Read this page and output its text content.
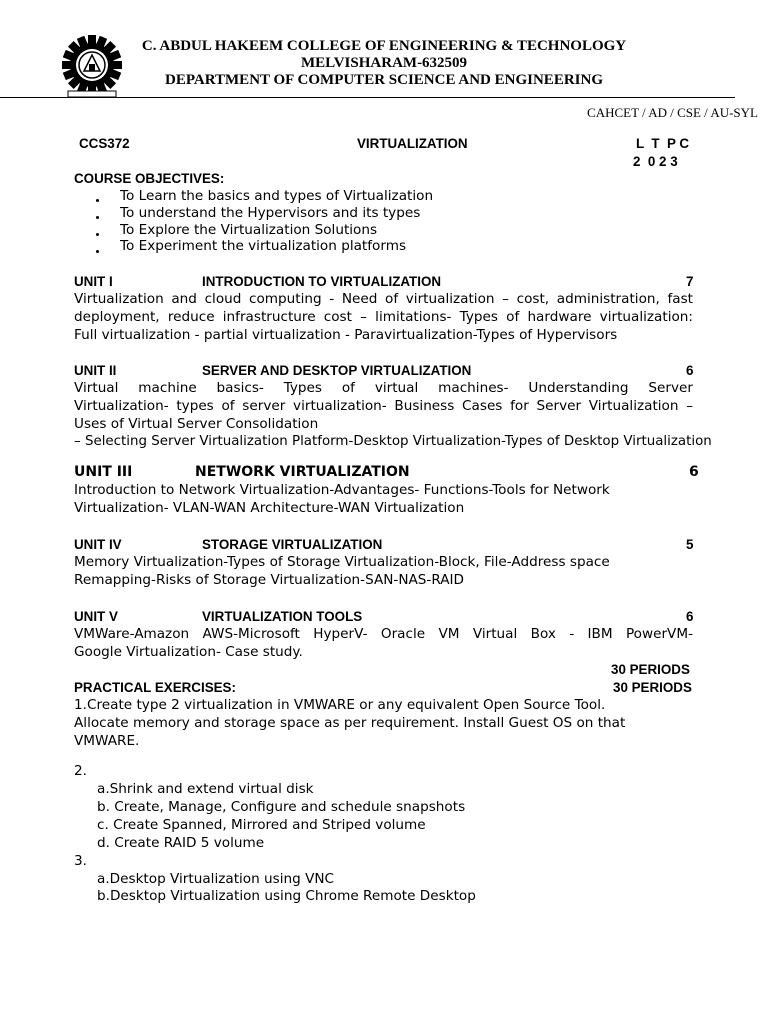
C. ABDUL HAKEEM COLLEGE OF ENGINEERING & TECHNOLOGY
MELVISHARAM-632509
DEPARTMENT OF COMPUTER SCIENCE AND ENGINEERING
CAHCET / AD / CSE / AU-SYL
CCS372	VIRTUALIZATION	L  T  P C
2  0 2 3
COURSE OBJECTIVES:
To Learn the basics and types of Virtualization
To understand the Hypervisors and its types
To Explore the Virtualization Solutions
To Experiment the virtualization platforms
UNIT I	INTRODUCTION TO VIRTUALIZATION	7
Virtualization and cloud computing - Need of virtualization – cost, administration, fast
deployment, reduce infrastructure cost – limitations- Types of hardware virtualization:
Full virtualization - partial virtualization - Paravirtualization-Types of Hypervisors
UNIT II	SERVER AND DESKTOP VIRTUALIZATION	6
Virtual machine basics- Types of virtual machines- Understanding Server
Virtualization- types of server virtualization- Business Cases for Server Virtualization –
Uses of Virtual Server Consolidation
– Selecting Server Virtualization Platform-Desktop Virtualization-Types of Desktop Virtualization
UNIT III	NETWORK VIRTUALIZATION	6
Introduction to Network Virtualization-Advantages- Functions-Tools for Network
Virtualization- VLAN-WAN Architecture-WAN Virtualization
UNIT IV	STORAGE VIRTUALIZATION	5
Memory Virtualization-Types of Storage Virtualization-Block, File-Address space
Remapping-Risks of Storage Virtualization-SAN-NAS-RAID
UNIT V	VIRTUALIZATION TOOLS	6
VMWare-Amazon AWS-Microsoft HyperV- Oracle VM Virtual Box - IBM PowerVM-
Google Virtualization- Case study.
30 PERIODS
PRACTICAL EXERCISES:	30 PERIODS
1.Create type 2 virtualization in VMWARE or any equivalent Open Source Tool.
Allocate memory and storage space as per requirement. Install Guest OS on that
VMWARE.
2.
a.Shrink and extend virtual disk
b. Create, Manage, Configure and schedule snapshots
c. Create Spanned, Mirrored and Striped volume
d. Create RAID 5 volume
3.
a.Desktop Virtualization using VNC
b.Desktop Virtualization using Chrome Remote Desktop
